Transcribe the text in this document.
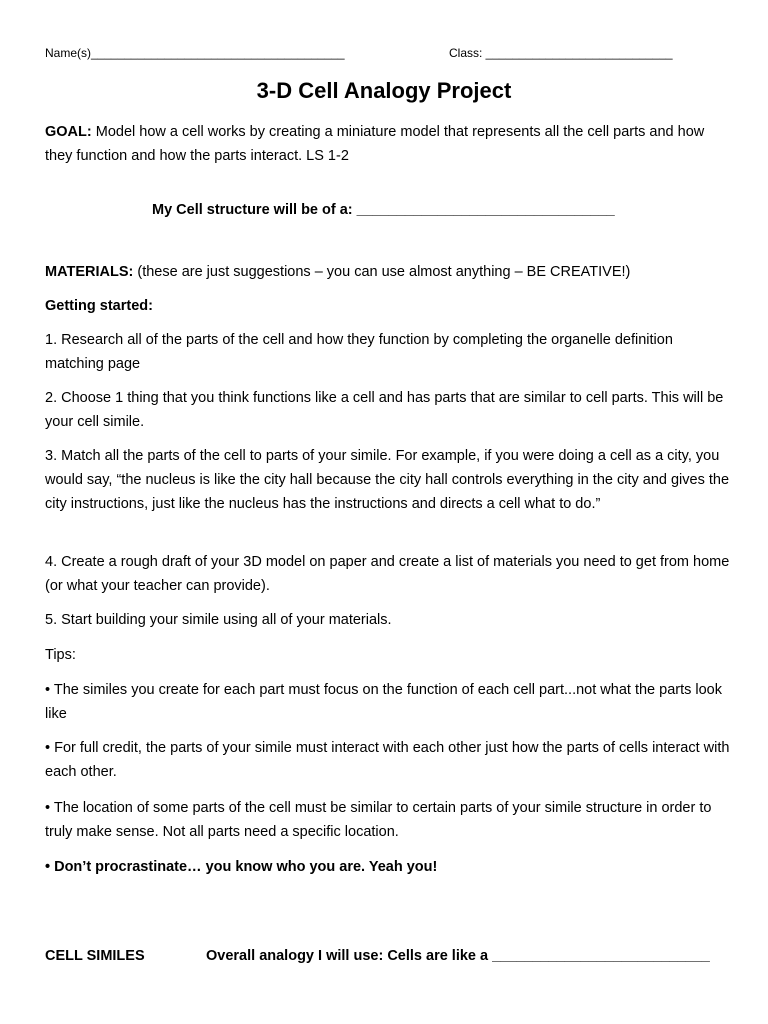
Name(s)______________________________________	Class: ____________________________
3-D Cell Analogy Project
GOAL: Model how a cell works by creating a miniature model that represents all the cell parts and how they function and how the parts interact. LS 1-2
My Cell structure will be of a: ________________________________
MATERIALS: (these are just suggestions – you can use almost anything – BE CREATIVE!)
Getting started:
1. Research all of the parts of the cell and how they function by completing the organelle definition matching page
2. Choose 1 thing that you think functions like a cell and has parts that are similar to cell parts. This will be your cell simile.
3. Match all the parts of the cell to parts of your simile. For example, if you were doing a cell as a city, you would say, “the nucleus is like the city hall because the city hall controls everything in the city and gives the city instructions, just like the nucleus has the instructions and directs a cell what to do.”
4. Create a rough draft of your 3D model on paper and create a list of materials you need to get from home (or what your teacher can provide).
5. Start building your simile using all of your materials.
Tips:
• The similes you create for each part must focus on the function of each cell part...not what the parts look like
• For full credit, the parts of your simile must interact with each other just how the parts of cells interact with each other.
• The location of some parts of the cell must be similar to certain parts of your simile structure in order to truly make sense. Not all parts need a specific location.
• Don’t procrastinate… you know who you are. Yeah you!
CELL SIMILES	Overall analogy I will use: Cells are like a ___________________________
